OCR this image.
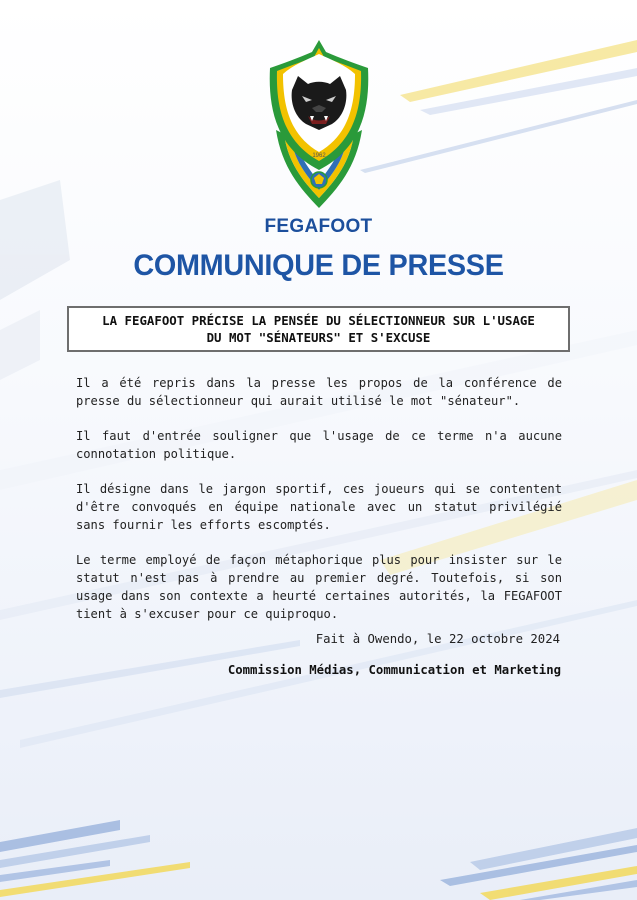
1962
FEGAFOOT
COMMUNIQUE DE PRESSE
LA FEGAFOOT PRÉCISE LA PENSÉE DU SÉLECTIONNEUR SUR L'USAGE
DU MOT "SÉNATEURS" ET S'EXCUSE

Il a été repris dans la presse les propos de la conférence de presse du sélectionneur qui aurait utilisé le mot "sénateur".

Il faut d'entrée souligner que l'usage de ce terme n'a aucune connotation politique.

Il désigne dans le jargon sportif, ces joueurs qui se contentent d'être convoqués en équipe nationale avec un statut privilégié sans fournir les efforts escomptés.

Le terme employé de façon métaphorique plus pour insister sur le statut n'est pas à prendre au premier degré. Toutefois, si son usage dans son contexte a heurté certaines autorités, la FEGAFOOT tient à s'excuser pour ce quiproquo.

Fait à Owendo, le 22 octobre 2024
Commission Médias, Communication et Marketing
